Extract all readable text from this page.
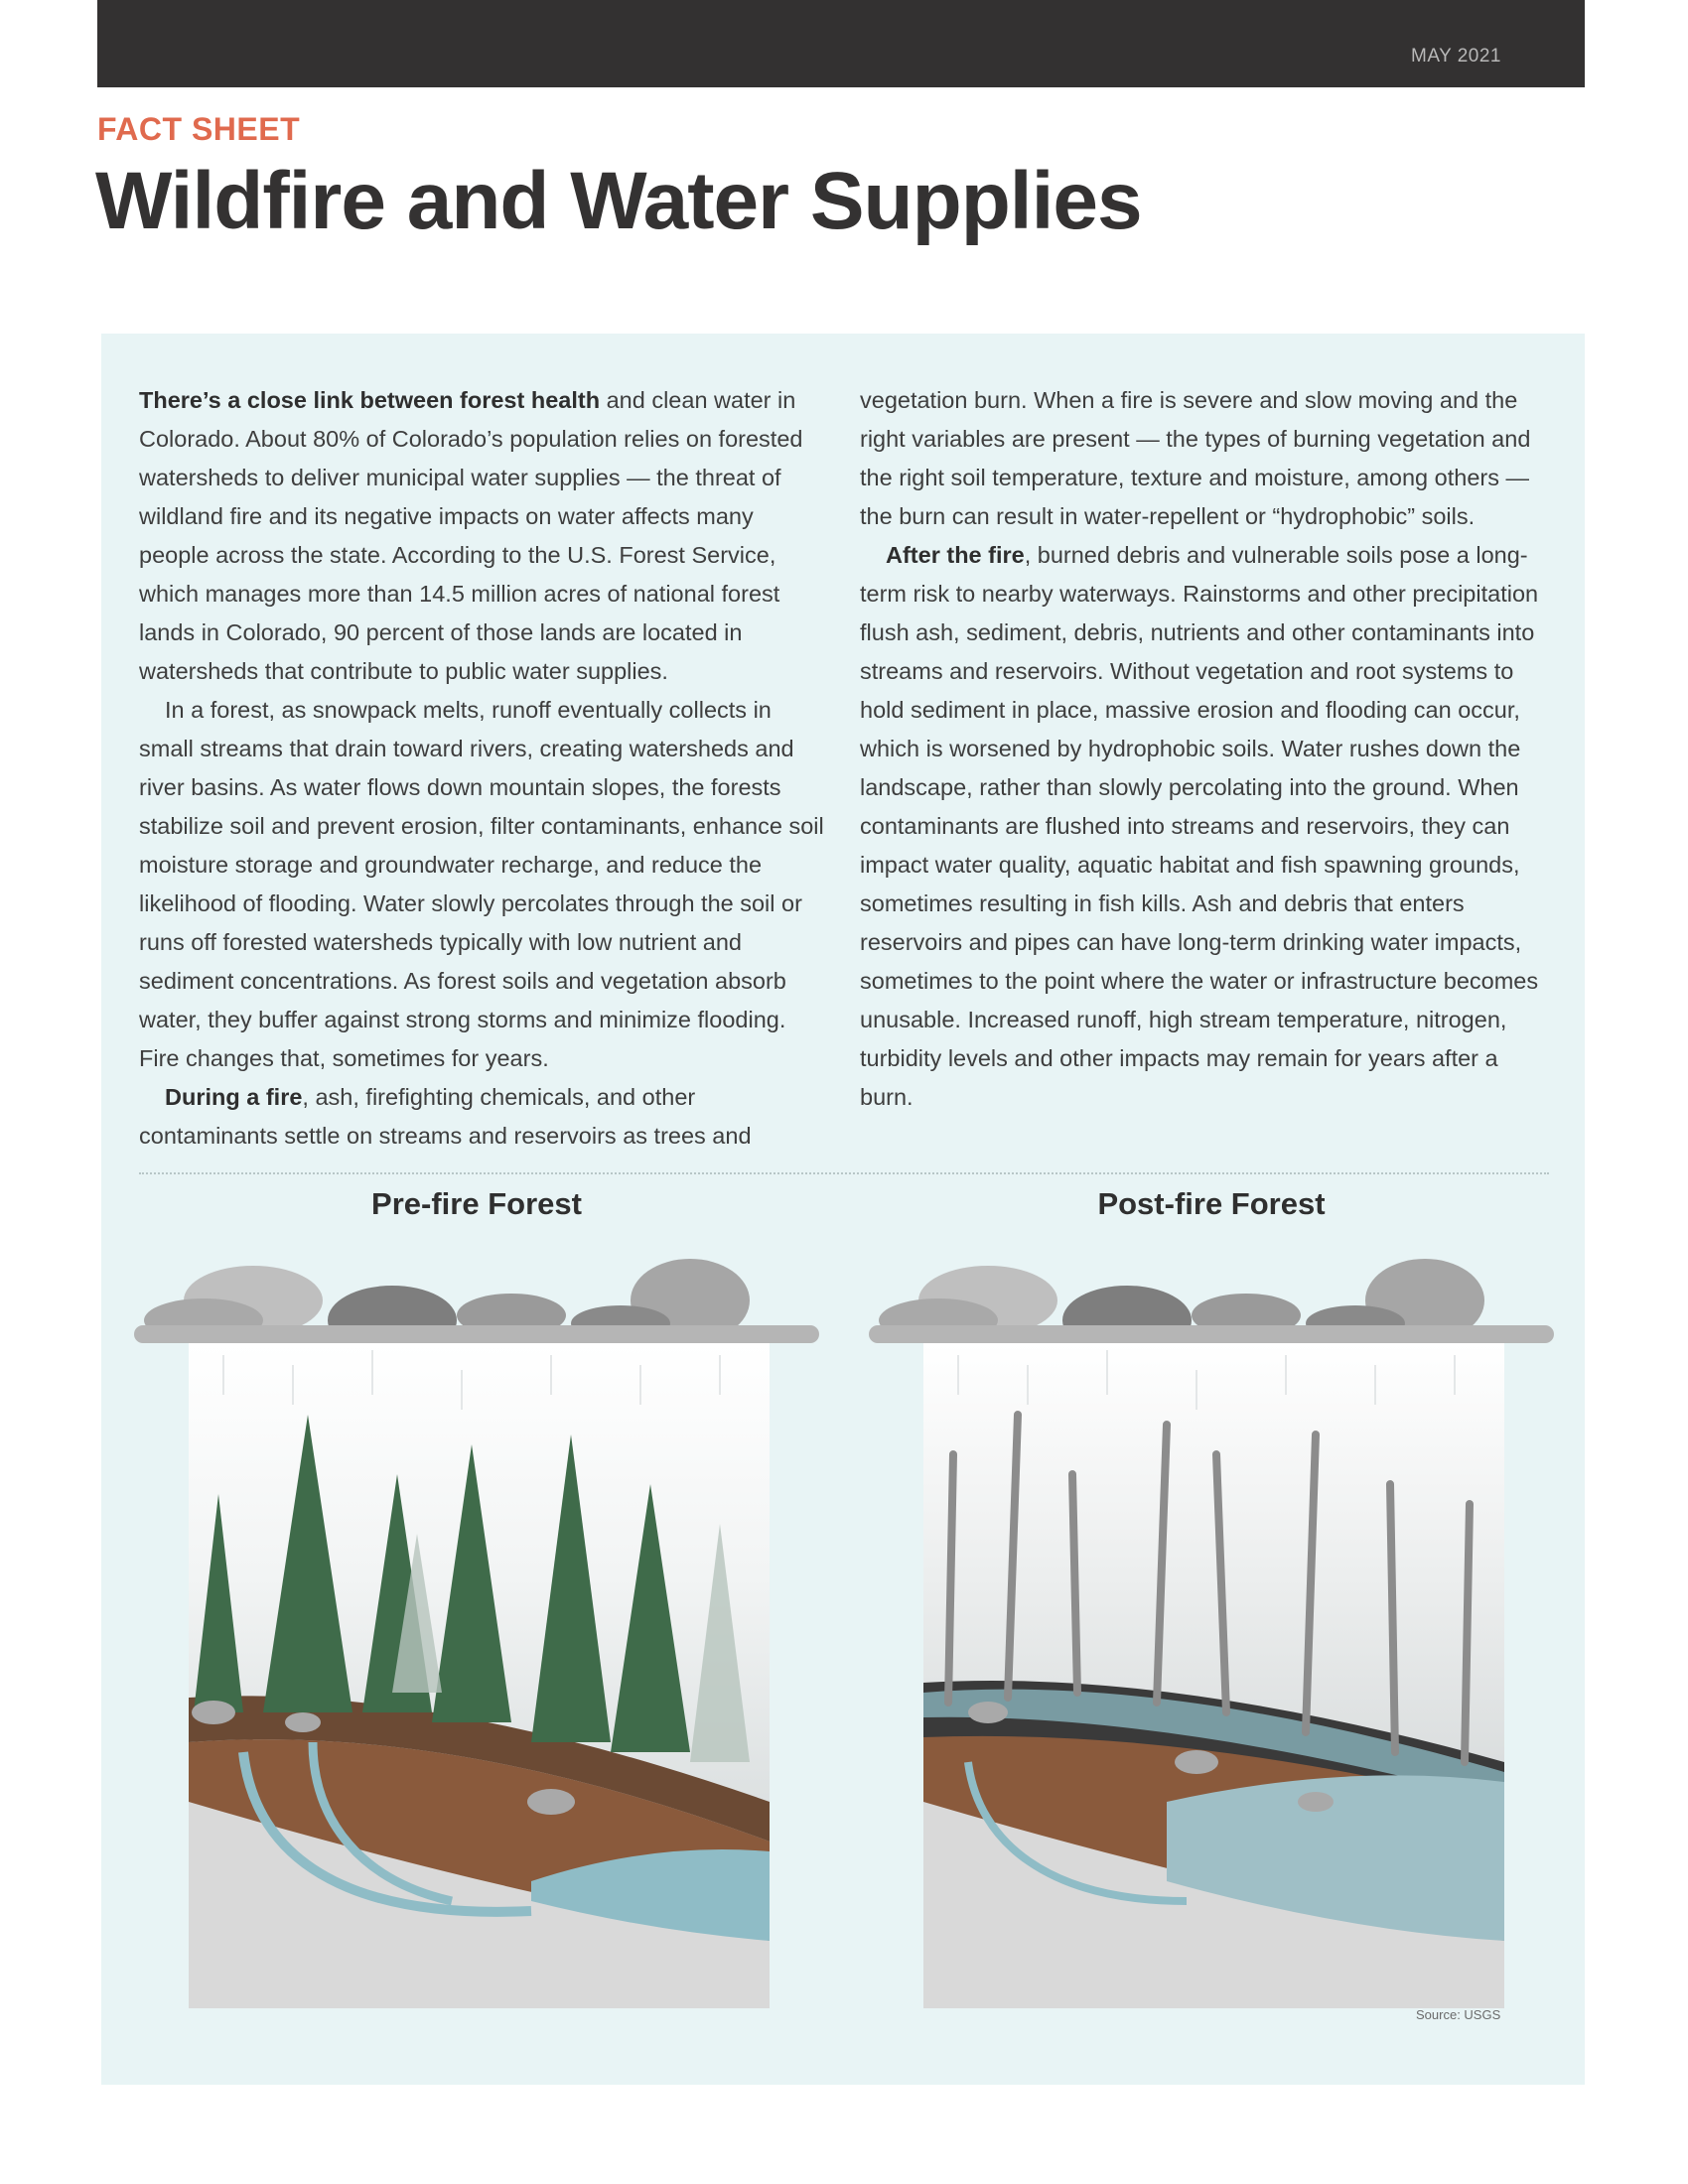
MAY 2021
FACT SHEET
Wildfire and Water Supplies

There’s a close link between forest health and clean water in Colorado. About 80% of Colorado’s population relies on forested watersheds to deliver municipal water supplies — the threat of wildland fire and its negative impacts on water affects many people across the state. According to the U.S. Forest Service, which manages more than 14.5 million acres of national forest lands in Colorado, 90 percent of those lands are located in watersheds that contribute to public water supplies.

In a forest, as snowpack melts, runoff eventually collects in small streams that drain toward rivers, creating watersheds and river basins. As water flows down mountain slopes, the forests stabilize soil and prevent erosion, filter contaminants, enhance soil moisture storage and groundwater recharge, and reduce the likelihood of flooding. Water slowly percolates through the soil or runs off forested watersheds typically with low nutrient and sediment concentrations. As forest soils and vegetation absorb water, they buffer against strong storms and minimize flooding. Fire changes that, sometimes for years.

During a fire, ash, firefighting chemicals, and other contaminants settle on streams and reservoirs as trees and

vegetation burn. When a fire is severe and slow moving and the right variables are present — the types of burning vegetation and the right soil temperature, texture and moisture, among others — the burn can result in water-repellent or “hydrophobic” soils.

After the fire, burned debris and vulnerable soils pose a long-term risk to nearby waterways. Rainstorms and other precipitation flush ash, sediment, debris, nutrients and other contaminants into streams and reservoirs. Without vegetation and root systems to hold sediment in place, massive erosion and flooding can occur, which is worsened by hydrophobic soils. Water rushes down the landscape, rather than slowly percolating into the ground. When contaminants are flushed into streams and reservoirs, they can impact water quality, aquatic habitat and fish spawning grounds, sometimes resulting in fish kills. Ash and debris that enters reservoirs and pipes can have long-term drinking water impacts, sometimes to the point where the water or infrastructure becomes unusable. Increased runoff, high stream temperature, nitrogen, turbidity levels and other impacts may remain for years after a burn.

Pre-fire Forest	Post-fire Forest
Source: USGS
